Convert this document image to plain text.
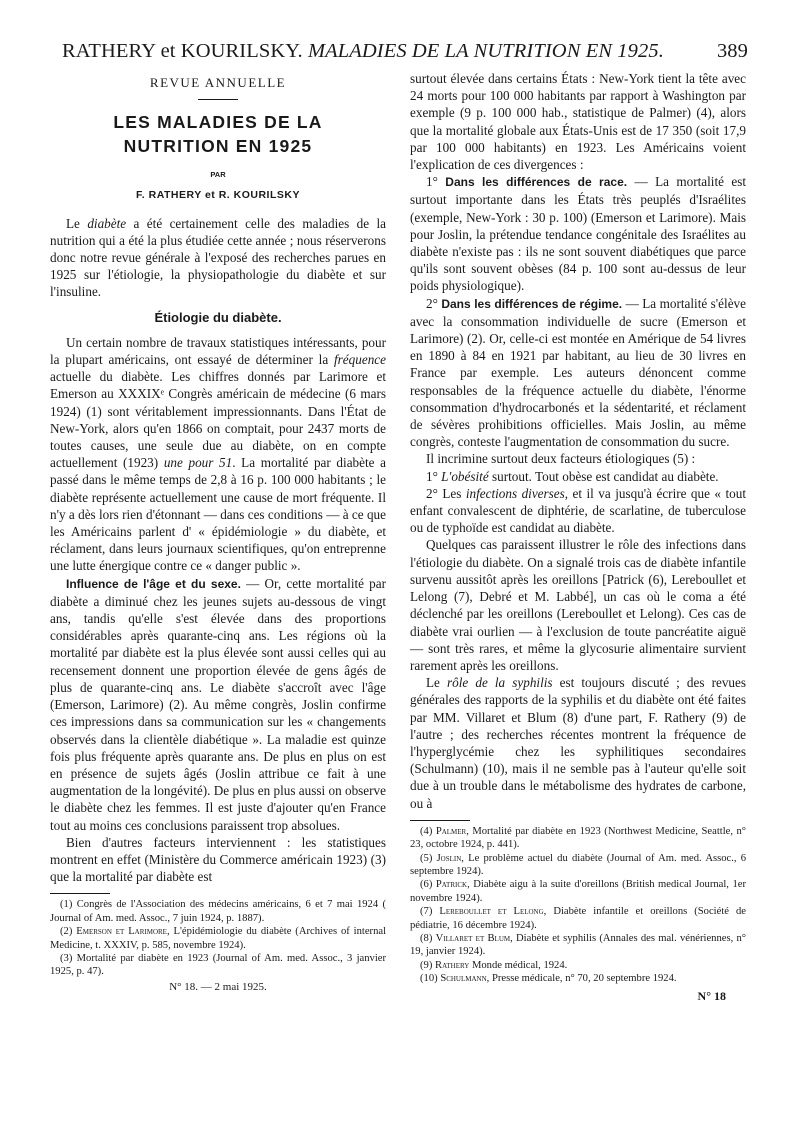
RATHERY et KOURILSKY. MALADIES DE LA NUTRITION EN 1925.	389
REVUE ANNUELLE
LES MALADIES DE LA
NUTRITION EN 1925
PAR
F. RATHERY et R. KOURILSKY

Le diabète a été certainement celle des maladies de la nutrition qui a été la plus étudiée cette année ; nous réserverons donc notre revue générale à l'exposé des recherches parues en 1925 sur l'étiologie, la physiopathologie du diabète et sur l'insuline.

Étiologie du diabète.

Un certain nombre de travaux statistiques intéressants, pour la plupart américains, ont essayé de déterminer la fréquence actuelle du diabète. Les chiffres donnés par Larimore et Emerson au XXXIXᵉ Congrès américain de médecine (6 mars 1924) (1) sont véritablement impressionnants. Dans l'État de New-York, alors qu'en 1866 on comptait, pour 2437 morts de toutes causes, une seule due au diabète, on en compte actuellement (1923) une pour 51. La mortalité par diabète a passé dans le même temps de 2,8 à 16 p. 100 000 habitants ; le diabète représente actuellement une cause de mort fréquente. Il n'y a dès lors rien d'étonnant — dans ces conditions — à ce que les Américains parlent d' « épidémiologie » du diabète, et réclament, dans leurs journaux scientifiques, qu'on entreprenne une lutte énergique contre ce « danger public ».

Influence de l'âge et du sexe. — Or, cette mortalité par diabète a diminué chez les jeunes sujets au-dessous de vingt ans, tandis qu'elle s'est élevée dans des proportions considérables après quarante-cinq ans. Les régions où la mortalité par diabète est la plus élevée sont aussi celles qui au recensement donnent une proportion élevée de gens âgés de plus de quarante-cinq ans. Le diabète s'accroît avec l'âge (Emerson, Larimore) (2). Au même congrès, Joslin confirme ces impressions dans sa communication sur les « changements observés dans la clientèle diabétique ». La maladie est quinze fois plus fréquente après quarante ans. De plus en plus on est en présence de sujets âgés (Joslin attribue ce fait à une augmentation de la longévité). De plus en plus aussi on observe le diabète chez les femmes. Il est juste d'ajouter qu'en France tout au moins ces conclusions paraissent trop absolues.

Bien d'autres facteurs interviennent : les statistiques montrent en effet (Ministère du Commerce américain 1923) (3) que la mortalité par diabète est

(1) Congrès de l'Association des médecins américains, 6 et 7 mai 1924 ( Journal of Am. med. Assoc., 7 juin 1924, p. 1887).

(2) Emerson et Larimore, L'épidémiologie du diabète (Archives of internal Medicine, t. XXXIV, p. 585, novembre 1924).

(3) Mortalité par diabète en 1923 (Journal of Am. med. Assoc., 3 janvier 1925, p. 47).

N° 18. — 2 mai 1925.

surtout élevée dans certains États : New-York tient la tête avec 24 morts pour 100 000 habitants par rapport à Washington par exemple (9 p. 100 000 hab., statistique de Palmer) (4), alors que la mortalité globale aux États-Unis est de 17 350 (soit 17,9 par 100 000 habitants) en 1923. Les Américains voient l'explication de ces divergences :

1° Dans les différences de race. — La mortalité est surtout importante dans les États très peuplés d'Israélites (exemple, New-York : 30 p. 100) (Emerson et Larimore). Mais pour Joslin, la prétendue tendance congénitale des Israélites au diabète n'existe pas : ils ne sont souvent diabétiques que parce qu'ils sont souvent obèses (84 p. 100 sont au-dessus de leur poids physiologique).

2° Dans les différences de régime. — La mortalité s'élève avec la consommation individuelle de sucre (Emerson et Larimore) (2). Or, celle-ci est montée en Amérique de 54 livres en 1890 à 84 en 1921 par habitant, au lieu de 30 livres en France par exemple. Les auteurs dénoncent comme responsables de la fréquence actuelle du diabète, l'énorme consommation d'hydrocarbonés et la sédentarité, et réclament de sévères prohibitions officielles. Mais Joslin, au même congrès, conteste l'augmentation de consommation du sucre.

Il incrimine surtout deux facteurs étiologiques (5) :

1° L'obésité surtout. Tout obèse est candidat au diabète.

2° Les infections diverses, et il va jusqu'à écrire que « tout enfant convalescent de diphtérie, de scarlatine, de tuberculose ou de typhoïde est candidat au diabète.

Quelques cas paraissent illustrer le rôle des infections dans l'étiologie du diabète. On a signalé trois cas de diabète infantile survenu aussitôt après les oreillons [Patrick (6), Lereboullet et Lelong (7), Debré et M. Labbé], un cas où le coma a été déclenché par les oreillons (Lereboullet et Lelong). Ces cas de diabète vrai ourlien — à l'exclusion de toute pancréatite aiguë — sont très rares, et même la glycosurie alimentaire survient rarement après les oreillons.

Le rôle de la syphilis est toujours discuté ; des revues générales des rapports de la syphilis et du diabète ont été faites par MM. Villaret et Blum (8) d'une part, F. Rathery (9) de l'autre ; des recherches récentes montrent la fréquence de l'hyperglycémie chez les syphilitiques secondaires (Schulmann) (10), mais il ne semble pas à l'auteur qu'elle soit due à un trouble dans le métabolisme des hydrates de carbone, ou à

(4) Palmer, Mortalité par diabète en 1923 (Northwest Medicine, Seattle, n° 23, octobre 1924, p. 441).

(5) Joslin, Le problème actuel du diabète (Journal of Am. med. Assoc., 6 septembre 1924).

(6) Patrick, Diabète aigu à la suite d'oreillons (British medical Journal, 1er novembre 1924).

(7) Lereboullet et Lelong, Diabète infantile et oreillons (Société de pédiatrie, 16 décembre 1924).

(8) Villaret et Blum, Diabète et syphilis (Annales des mal. vénériennes, n° 19, janvier 1924).

(9) Rathery Monde médical, 1924.

(10) Schulmann, Presse médicale, n° 70, 20 septembre 1924.

N° 18
